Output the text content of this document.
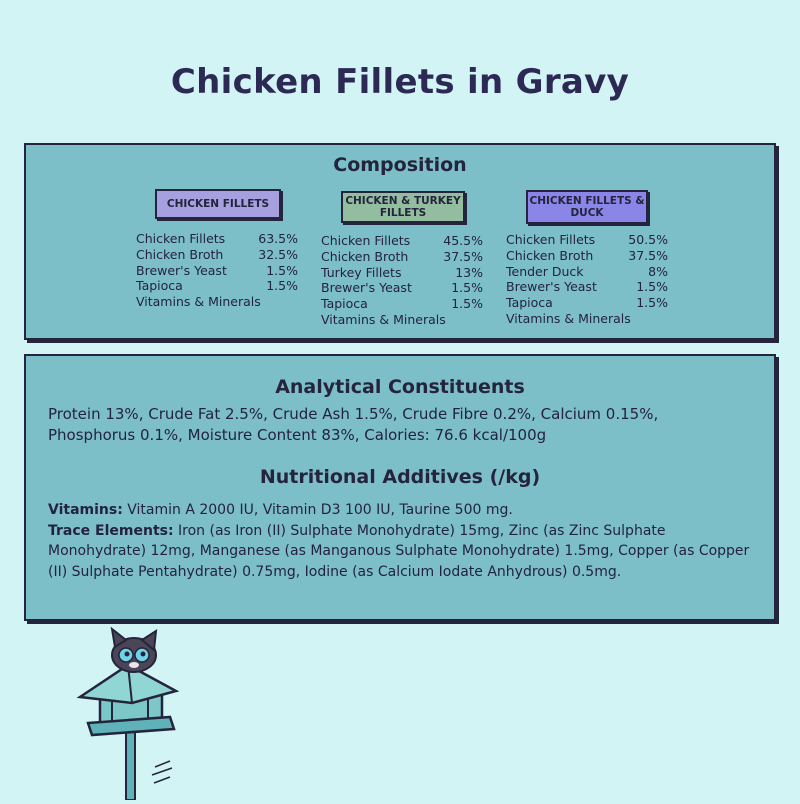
Chicken Fillets in Gravy
Composition
CHICKEN FILLETS
Chicken Fillets	63.5%
Chicken Broth	32.5%
Brewer's Yeast	1.5%
Tapioca	1.5%
Vitamins & Minerals
CHICKEN & TURKEY FILLETS
Chicken Fillets	45.5%
Chicken Broth	37.5%
Turkey Fillets	13%
Brewer's Yeast	1.5%
Tapioca	1.5%
Vitamins & Minerals
CHICKEN FILLETS & DUCK
Chicken Fillets	50.5%
Chicken Broth	37.5%
Tender Duck	8%
Brewer's Yeast	1.5%
Tapioca	1.5%
Vitamins & Minerals
Analytical Constituents
Protein 13%, Crude Fat 2.5%, Crude Ash 1.5%, Crude Fibre 0.2%, Calcium 0.15%, Phosphorus 0.1%, Moisture Content 83%, Calories: 76.6 kcal/100g
Nutritional Additives (/kg)
Vitamins: Vitamin A 2000 IU, Vitamin D3 100 IU, Taurine 500 mg.
Trace Elements: Iron (as Iron (II) Sulphate Monohydrate) 15mg, Zinc (as Zinc Sulphate Monohydrate) 12mg, Manganese (as Manganous Sulphate Monohydrate) 1.5mg, Copper (as Copper (II) Sulphate Pentahydrate) 0.75mg, Iodine (as Calcium Iodate Anhydrous) 0.5mg.
